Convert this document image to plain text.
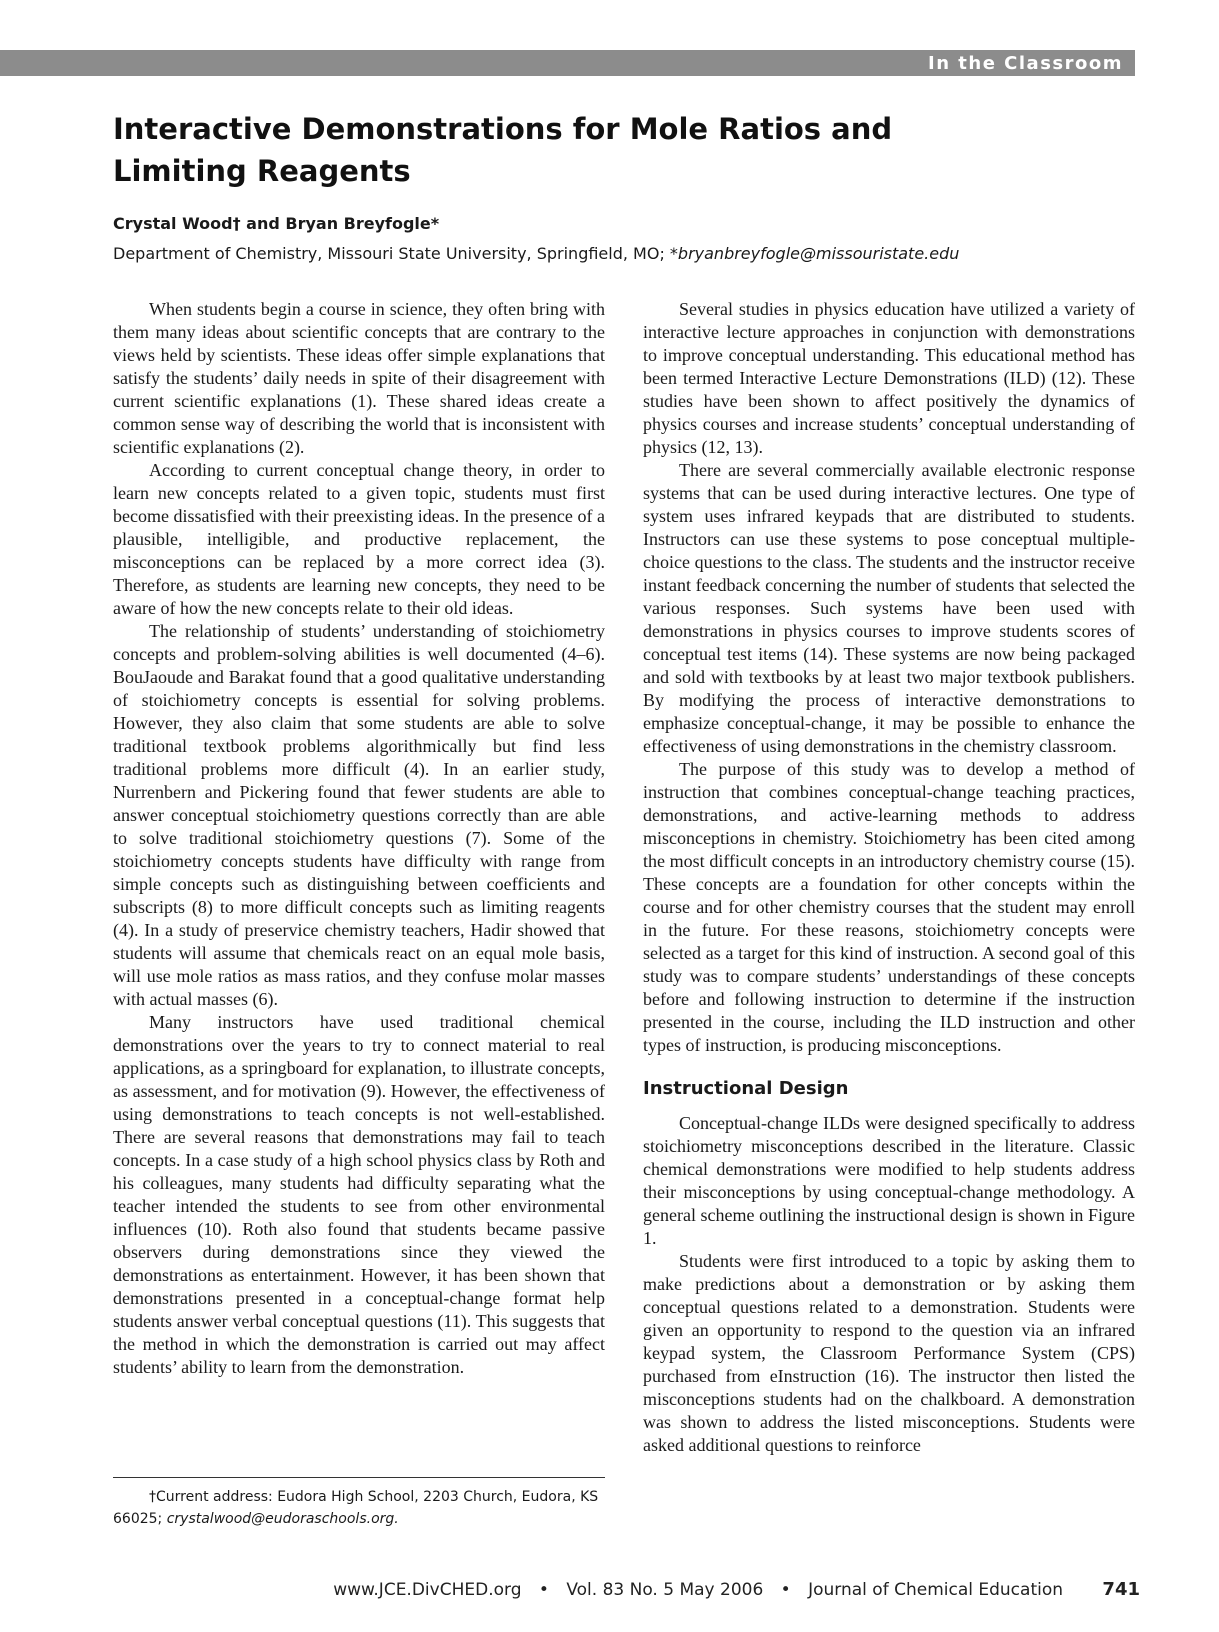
In the Classroom
Interactive Demonstrations for Mole Ratios and Limiting Reagents
Crystal Wood† and Bryan Breyfogle*
Department of Chemistry, Missouri State University, Springfield, MO; *bryanbreyfogle@missouristate.edu

When students begin a course in science, they often bring with them many ideas about scientific concepts that are contrary to the views held by scientists. These ideas offer simple explanations that satisfy the students’ daily needs in spite of their disagreement with current scientific explanations (1). These shared ideas create a common sense way of describing the world that is inconsistent with scientific explanations (2).

According to current conceptual change theory, in order to learn new concepts related to a given topic, students must first become dissatisfied with their preexisting ideas. In the presence of a plausible, intelligible, and productive replacement, the misconceptions can be replaced by a more correct idea (3). Therefore, as students are learning new concepts, they need to be aware of how the new concepts relate to their old ideas.

The relationship of students’ understanding of stoichiometry concepts and problem-solving abilities is well documented (4–6). BouJaoude and Barakat found that a good qualitative understanding of stoichiometry concepts is essential for solving problems. However, they also claim that some students are able to solve traditional textbook problems algorithmically but find less traditional problems more difficult (4). In an earlier study, Nurrenbern and Pickering found that fewer students are able to answer conceptual stoichiometry questions correctly than are able to solve traditional stoichiometry questions (7). Some of the stoichiometry concepts students have difficulty with range from simple concepts such as distinguishing between coefficients and subscripts (8) to more difficult concepts such as limiting reagents (4). In a study of preservice chemistry teachers, Hadir showed that students will assume that chemicals react on an equal mole basis, will use mole ratios as mass ratios, and they confuse molar masses with actual masses (6).

Many instructors have used traditional chemical demonstrations over the years to try to connect material to real applications, as a springboard for explanation, to illustrate concepts, as assessment, and for motivation (9). However, the effectiveness of using demonstrations to teach concepts is not well-established. There are several reasons that demonstrations may fail to teach concepts. In a case study of a high school physics class by Roth and his colleagues, many students had difficulty separating what the teacher intended the students to see from other environmental influences (10). Roth also found that students became passive observers during demonstrations since they viewed the demonstrations as entertainment. However, it has been shown that demonstrations presented in a conceptual-change format help students answer verbal conceptual questions (11). This suggests that the method in which the demonstration is carried out may affect students’ ability to learn from the demonstration.

†Current address: Eudora High School, 2203 Church, Eudora, KS 66025; crystalwood@eudoraschools.org.

Several studies in physics education have utilized a variety of interactive lecture approaches in conjunction with demonstrations to improve conceptual understanding. This educational method has been termed Interactive Lecture Demonstrations (ILD) (12). These studies have been shown to affect positively the dynamics of physics courses and increase students’ conceptual understanding of physics (12, 13).

There are several commercially available electronic response systems that can be used during interactive lectures. One type of system uses infrared keypads that are distributed to students. Instructors can use these systems to pose conceptual multiple-choice questions to the class. The students and the instructor receive instant feedback concerning the number of students that selected the various responses. Such systems have been used with demonstrations in physics courses to improve students scores of conceptual test items (14). These systems are now being packaged and sold with textbooks by at least two major textbook publishers. By modifying the process of interactive demonstrations to emphasize conceptual-change, it may be possible to enhance the effectiveness of using demonstrations in the chemistry classroom.

The purpose of this study was to develop a method of instruction that combines conceptual-change teaching practices, demonstrations, and active-learning methods to address misconceptions in chemistry. Stoichiometry has been cited among the most difficult concepts in an introductory chemistry course (15). These concepts are a foundation for other concepts within the course and for other chemistry courses that the student may enroll in the future. For these reasons, stoichiometry concepts were selected as a target for this kind of instruction. A second goal of this study was to compare students’ understandings of these concepts before and following instruction to determine if the instruction presented in the course, including the ILD instruction and other types of instruction, is producing misconceptions.

Instructional Design

Conceptual-change ILDs were designed specifically to address stoichiometry misconceptions described in the literature. Classic chemical demonstrations were modified to help students address their misconceptions by using conceptual-change methodology. A general scheme outlining the instructional design is shown in Figure 1.

Students were first introduced to a topic by asking them to make predictions about a demonstration or by asking them conceptual questions related to a demonstration. Students were given an opportunity to respond to the question via an infrared keypad system, the Classroom Performance System (CPS) purchased from eInstruction (16). The instructor then listed the misconceptions students had on the chalkboard. A demonstration was shown to address the listed misconceptions. Students were asked additional questions to reinforce

www.JCE.DivCHED.org • Vol. 83 No. 5 May 2006 • Journal of Chemical Education 741
